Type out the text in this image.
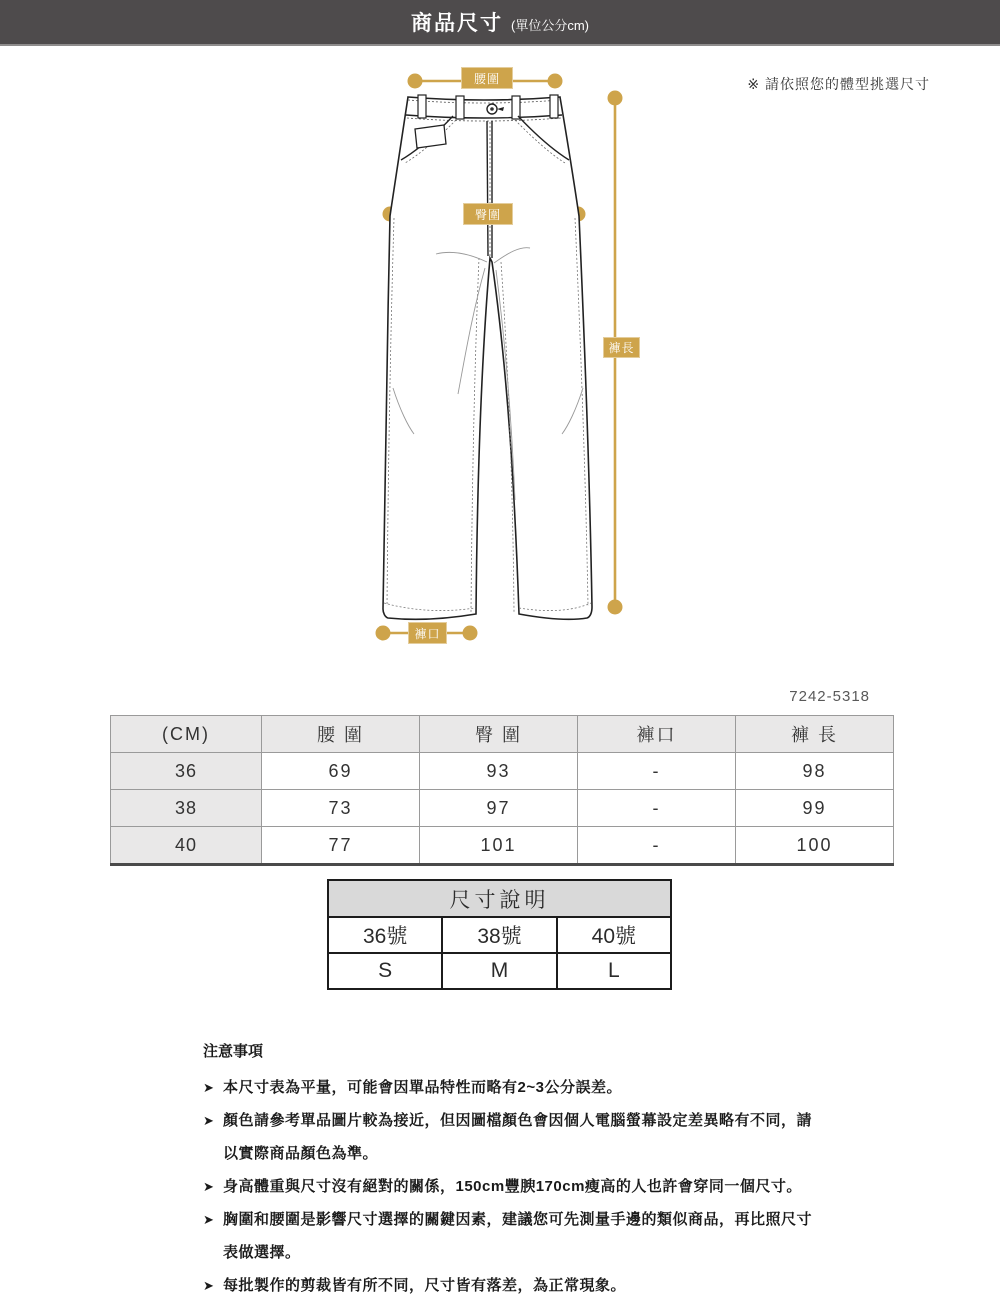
商品尺寸 (單位公分cm)
※ 請依照您的體型挑選尺寸
腰圍
臀圍
褲長
褲口
7242-5318
(CM)	腰 圍	臀 圍	褲口	褲 長
36	69	93	-	98
38	73	97	-	99
40	77	101	-	100
尺寸說明		
36號	38號	40號
S	M	L
注意事項
➤ 本尺寸表為平量，可能會因單品特性而略有2~3公分誤差。
➤ 顏色請參考單品圖片較為接近，但因圖檔顏色會因個人電腦螢幕設定差異略有不同，請以實際商品顏色為準。
➤ 身高體重與尺寸沒有絕對的關係，150cm豐腴170cm瘦高的人也許會穿同一個尺寸。
➤ 胸圍和腰圍是影響尺寸選擇的關鍵因素，建議您可先測量手邊的類似商品，再比照尺寸表做選擇。
➤ 每批製作的剪裁皆有所不同，尺寸皆有落差，為正常現象。
